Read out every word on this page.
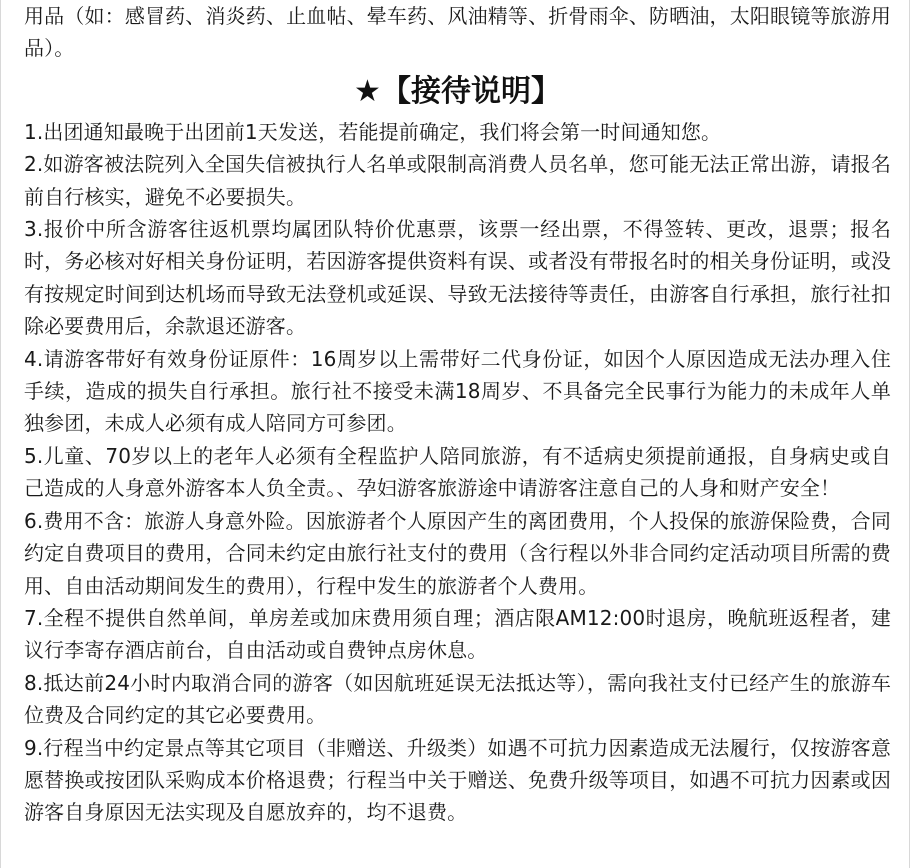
用品（如：感冒药、消炎药、止血帖、晕车药、风油精等、折骨雨伞、防晒油，太阳眼镜等旅游用品）。

★【接待说明】

1.出团通知最晚于出团前1天发送，若能提前确定，我们将会第一时间通知您。

2.如游客被法院列入全国失信被执行人名单或限制高消费人员名单，您可能无法正常出游，请报名前自行核实，避免不必要损失。

3.报价中所含游客往返机票均属团队特价优惠票，该票一经出票，不得签转、更改，退票；报名时，务必核对好相关身份证明，若因游客提供资料有误、或者没有带报名时的相关身份证明，或没有按规定时间到达机场而导致无法登机或延误、导致无法接待等责任，由游客自行承担，旅行社扣除必要费用后，余款退还游客。

4.请游客带好有效身份证原件：16周岁以上需带好二代身份证，如因个人原因造成无法办理入住手续，造成的损失自行承担。旅行社不接受未满18周岁、不具备完全民事行为能力的未成年人单独参团，未成人必须有成人陪同方可参团。

5.儿童、70岁以上的老年人必须有全程监护人陪同旅游，有不适病史须提前通报，自身病史或自己造成的人身意外游客本人负全责。、孕妇游客旅游途中请游客注意自己的人身和财产安全！

6.费用不含：旅游人身意外险。因旅游者个人原因产生的离团费用，个人投保的旅游保险费，合同约定自费项目的费用，合同未约定由旅行社支付的费用（含行程以外非合同约定活动项目所需的费用、自由活动期间发生的费用），行程中发生的旅游者个人费用。

7.全程不提供自然单间，单房差或加床费用须自理；酒店限AM12:00时退房，晚航班返程者，建议行李寄存酒店前台，自由活动或自费钟点房休息。

8.抵达前24小时内取消合同的游客（如因航班延误无法抵达等），需向我社支付已经产生的旅游车位费及合同约定的其它必要费用。

9.行程当中约定景点等其它项目（非赠送、升级类）如遇不可抗力因素造成无法履行，仅按游客意愿替换或按团队采购成本价格退费；行程当中关于赠送、免费升级等项目，如遇不可抗力因素或因游客自身原因无法实现及自愿放弃的，均不退费。
